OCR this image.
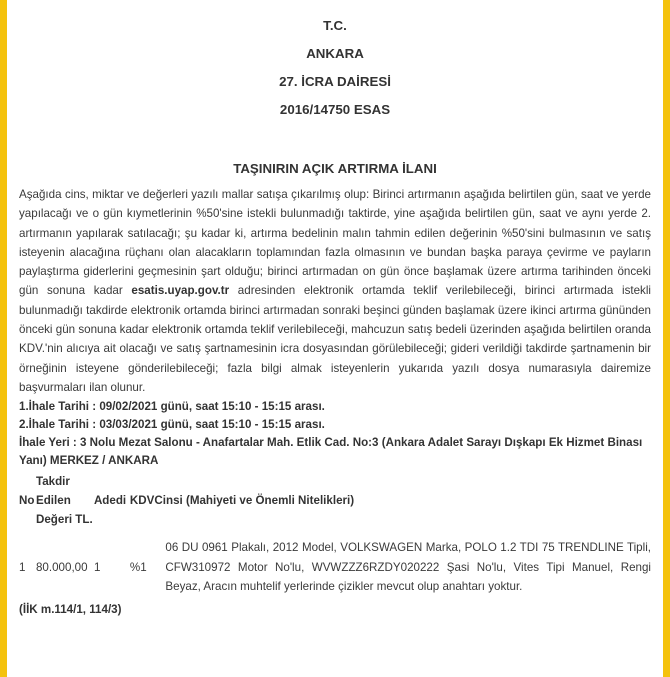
T.C.
ANKARA
27. İCRA DAİRESİ
2016/14750 ESAS
TAŞINIRIN AÇIK ARTIRMA İLANI

Aşağıda cins, miktar ve değerleri yazılı mallar satışa çıkarılmış olup: Birinci artırmanın aşağıda belirtilen gün, saat ve yerde yapılacağı ve o gün kıymetlerinin %50'sine istekli bulunmadığı taktirde, yine aşağıda belirtilen gün, saat ve aynı yerde 2. artırmanın yapılarak satılacağı; şu kadar ki, artırma bedelinin malın tahmin edilen değerinin %50'sini bulmasının ve satış isteyenin alacağına rüçhanı olan alacakların toplamından fazla olmasının ve bundan başka paraya çevirme ve payların paylaştırma giderlerini geçmesinin şart olduğu; birinci artırmadan on gün önce başlamak üzere artırma tarihinden önceki gün sonuna kadar esatis.uyap.gov.tr adresinden elektronik ortamda teklif verilebileceği, birinci artırmada istekli bulunmadığı takdirde elektronik ortamda birinci artırmadan sonraki beşinci günden başlamak üzere ikinci artırma gününden önceki gün sonuna kadar elektronik ortamda teklif verilebileceği, mahcuzun satış bedeli üzerinden aşağıda belirtilen oranda KDV.'nin alıcıya ait olacağı ve satış şartnamesinin icra dosyasından görülebileceği; gideri verildiği takdirde şartnamenin bir örneğinin isteyene gönderilebileceği; fazla bilgi almak isteyenlerin yukarıda yazılı dosya numarasıyla dairemize başvurmaları ilan olunur.

1.İhale Tarihi : 09/02/2021 günü, saat 15:10 - 15:15 arası.
2.İhale Tarihi : 03/03/2021 günü, saat 15:10 - 15:15 arası.
İhale Yeri : 3 Nolu Mezat Salonu - Anafartalar Mah. Etlik Cad. No:3 (Ankara Adalet Sarayı Dışkapı Ek Hizmet Binası Yanı) MERKEZ / ANKARA
No	Takdir Edilen Değeri TL.	Adedi	KDV	Cinsi (Mahiyeti ve Önemli Nitelikleri)
1	80.000,00	1	%1	06 DU 0961 Plakalı, 2012 Model, VOLKSWAGEN Marka, POLO 1.2 TDI 75 TRENDLINE Tipli, CFW310972 Motor No'lu, WVWZZZ6RZDY020222 Şasi No'lu, Vites Tipi Manuel, Rengi Beyaz, Aracın muhtelif yerlerinde çizikler mevcut olup anahtarı yoktur.
(İİK m.114/1, 114/3)
